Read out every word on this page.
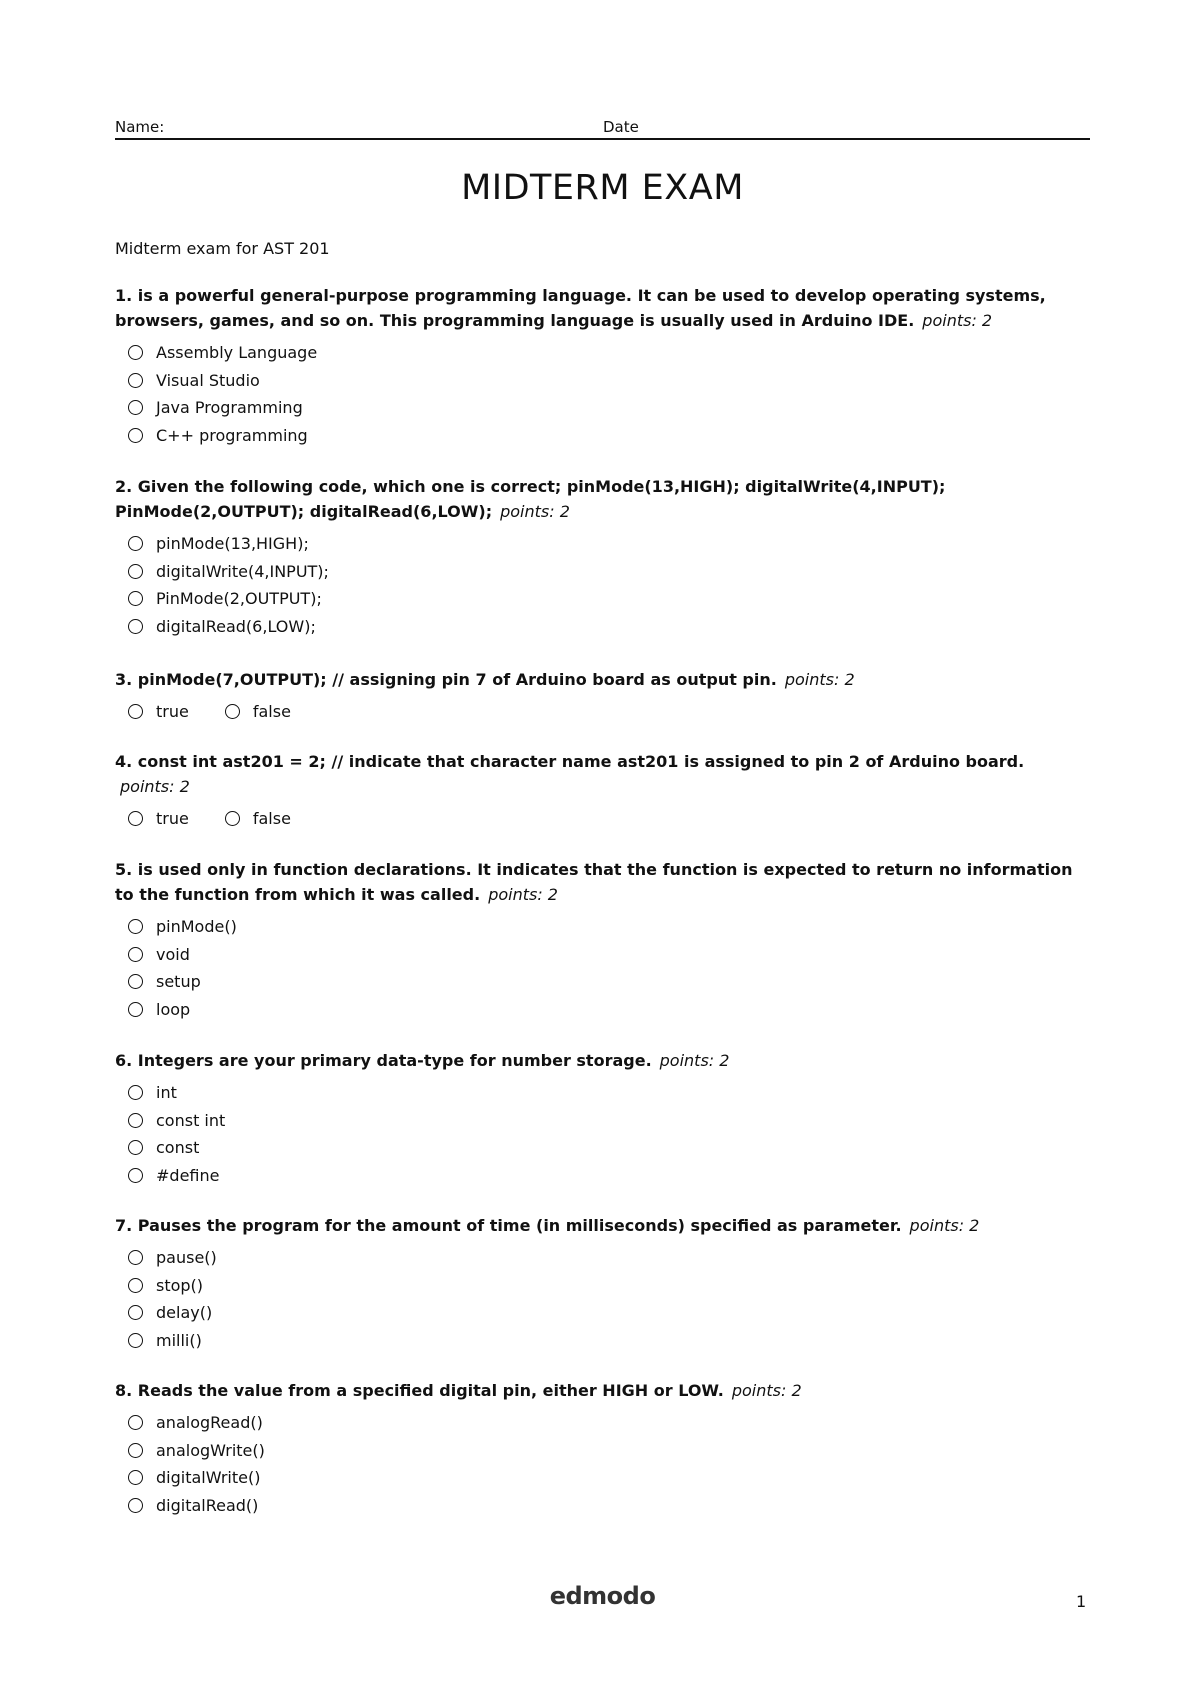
Name:	Date
MIDTERM EXAM
Midterm exam for AST 201
1. is a powerful general-purpose programming language. It can be used to develop operating systems, browsers, games, and so on. This programming language is usually used in Arduino IDE. points: 2
Assembly Language
Visual Studio
Java Programming
C++ programming
2. Given the following code, which one is correct; pinMode(13,HIGH); digitalWrite(4,INPUT); PinMode(2,OUTPUT); digitalRead(6,LOW); points: 2
pinMode(13,HIGH);
digitalWrite(4,INPUT);
PinMode(2,OUTPUT);
digitalRead(6,LOW);
3. pinMode(7,OUTPUT); // assigning pin 7 of Arduino board as output pin. points: 2
true	false
4. const int ast201 = 2; // indicate that character name ast201 is assigned to pin 2 of Arduino board.
points: 2
true	false
5. is used only in function declarations. It indicates that the function is expected to return no information to the function from which it was called. points: 2
pinMode()
void
setup
loop
6. Integers are your primary data-type for number storage. points: 2
int
const int
const
#define
7. Pauses the program for the amount of time (in milliseconds) specified as parameter. points: 2
pause()
stop()
delay()
milli()
8. Reads the value from a specified digital pin, either HIGH or LOW. points: 2
analogRead()
analogWrite()
digitalWrite()
digitalRead()
edmodo	1
